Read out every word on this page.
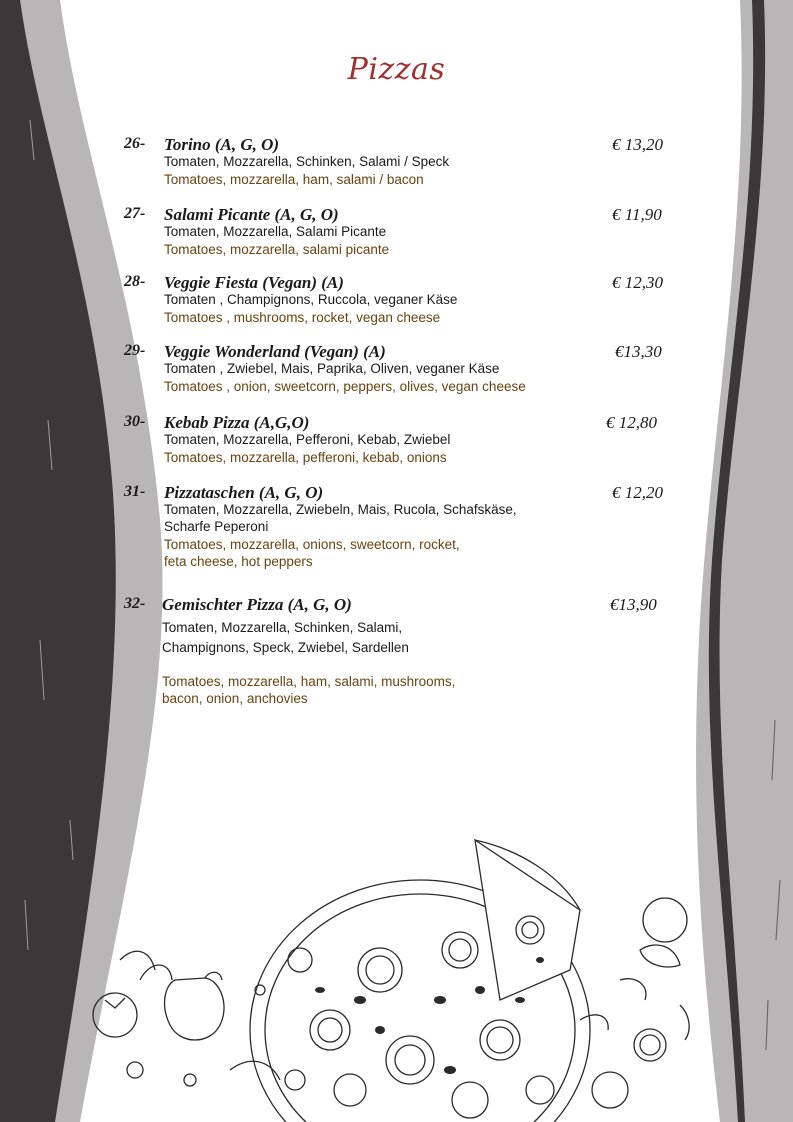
Pizzas
26- Torino (A, G, O)	€ 13,20
Tomaten, Mozzarella, Schinken, Salami / Speck
Tomatoes, mozzarella, ham, salami / bacon
27- Salami Picante (A, G, O)	€ 11,90
Tomaten, Mozzarella, Salami Picante
Tomatoes, mozzarella, salami picante
28- Veggie Fiesta (Vegan) (A)	€ 12,30
Tomaten , Champignons, Ruccola, veganer Käse
Tomatoes , mushrooms, rocket, vegan cheese
29- Veggie Wonderland (Vegan) (A)	€13,30
Tomaten , Zwiebel, Mais, Paprika, Oliven, veganer Käse
Tomatoes , onion, sweetcorn, peppers, olives, vegan cheese
30- Kebab Pizza (A,G,O)	€ 12,80
Tomaten, Mozzarella, Pefferoni, Kebab, Zwiebel
Tomatoes, mozzarella, pefferoni, kebab, onions
31- Pizzataschen (A, G, O)	€ 12,20
Tomaten, Mozzarella, Zwiebeln, Mais, Rucola, Schafskäse,
Scharfe Peperoni
Tomatoes, mozzarella, onions, sweetcorn, rocket,
feta cheese, hot peppers
32- Gemischter Pizza (A, G, O)	€13,90
Tomaten, Mozzarella, Schinken, Salami,
Champignons, Speck, Zwiebel, Sardellen
Tomatoes, mozzarella, ham, salami, mushrooms,
bacon, onion, anchovies
